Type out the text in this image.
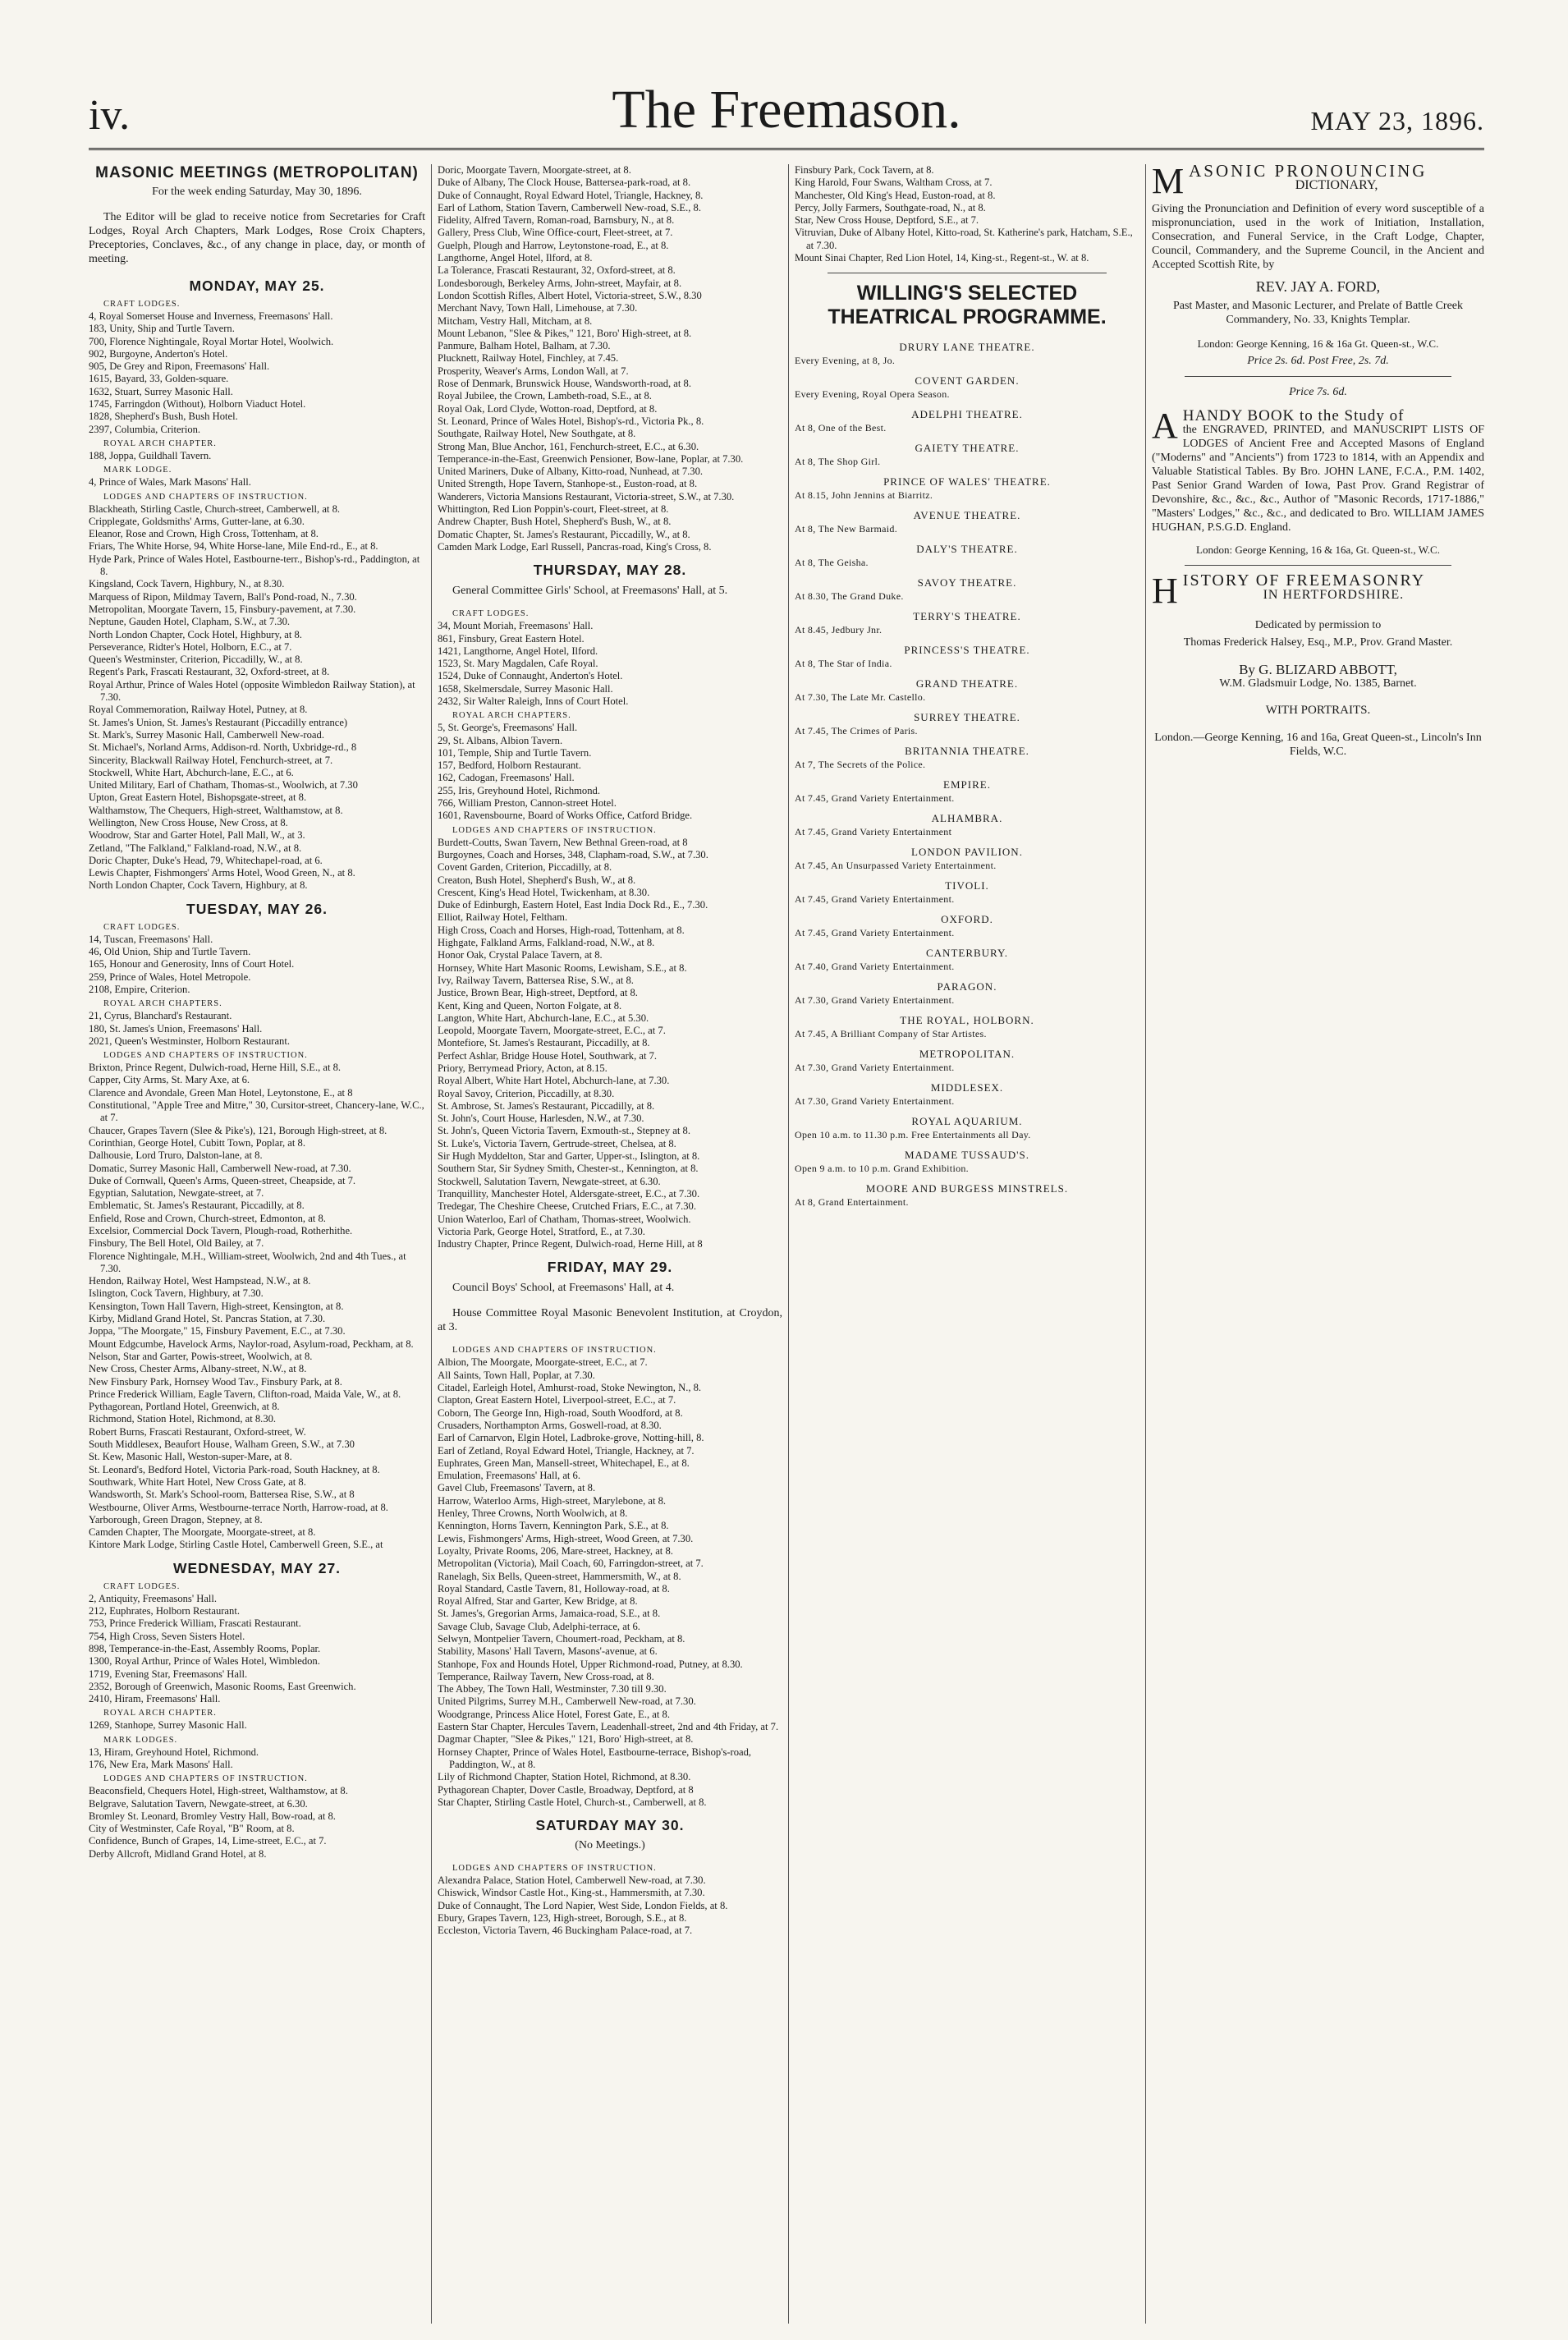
iv.	The Freemason.	MAY 23, 1896.
MASONIC MEETINGS (METROPOLITAN)
For the week ending Saturday, May 30, 1896.
The Editor will be glad to receive notice from Secretaries for Craft Lodges, Royal Arch Chapters, Mark Lodges, Rose Croix Chapters, Preceptories, Conclaves, &c., of any change in place, day, or month of meeting.
MONDAY, MAY 25.
CRAFT LODGES.

4, Royal Somerset House and Inverness, Freemasons' Hall.

183, Unity, Ship and Turtle Tavern.

700, Florence Nightingale, Royal Mortar Hotel, Woolwich.

902, Burgoyne, Anderton's Hotel.

905, De Grey and Ripon, Freemasons' Hall.

1615, Bayard, 33, Golden-square.

1632, Stuart, Surrey Masonic Hall.

1745, Farringdon (Without), Holborn Viaduct Hotel.

1828, Shepherd's Bush, Bush Hotel.

2397, Columbia, Criterion.

ROYAL ARCH CHAPTER.

188, Joppa, Guildhall Tavern.

MARK LODGE.

4, Prince of Wales, Mark Masons' Hall.

LODGES AND CHAPTERS OF INSTRUCTION.

Blackheath, Stirling Castle, Church-street, Camberwell, at 8.

Cripplegate, Goldsmiths' Arms, Gutter-lane, at 6.30.

Eleanor, Rose and Crown, High Cross, Tottenham, at 8.

Friars, The White Horse, 94, White Horse-lane, Mile End-rd., E., at 8.

Hyde Park, Prince of Wales Hotel, Eastbourne-terr., Bishop's-rd., Paddington, at 8.

Kingsland, Cock Tavern, Highbury, N., at 8.30.

Marquess of Ripon, Mildmay Tavern, Ball's Pond-road, N., 7.30.

Metropolitan, Moorgate Tavern, 15, Finsbury-pavement, at 7.30.

Neptune, Gauden Hotel, Clapham, S.W., at 7.30.

North London Chapter, Cock Hotel, Highbury, at 8.

Perseverance, Ridter's Hotel, Holborn, E.C., at 7.

Queen's Westminster, Criterion, Piccadilly, W., at 8.

Regent's Park, Frascati Restaurant, 32, Oxford-street, at 8.

Royal Arthur, Prince of Wales Hotel (opposite Wimbledon Railway Station), at 7.30.

Royal Commemoration, Railway Hotel, Putney, at 8.

St. James's Union, St. James's Restaurant (Piccadilly entrance)

St. Mark's, Surrey Masonic Hall, Camberwell New-road.

St. Michael's, Norland Arms, Addison-rd. North, Uxbridge-rd., 8

Sincerity, Blackwall Railway Hotel, Fenchurch-street, at 7.

Stockwell, White Hart, Abchurch-lane, E.C., at 6.

United Military, Earl of Chatham, Thomas-st., Woolwich, at 7.30

Upton, Great Eastern Hotel, Bishopsgate-street, at 8.

Walthamstow, The Chequers, High-street, Walthamstow, at 8.

Wellington, New Cross House, New Cross, at 8.

Woodrow, Star and Garter Hotel, Pall Mall, W., at 3.

Zetland, "The Falkland," Falkland-road, N.W., at 8.

Doric Chapter, Duke's Head, 79, Whitechapel-road, at 6.

Lewis Chapter, Fishmongers' Arms Hotel, Wood Green, N., at 8.

North London Chapter, Cock Tavern, Highbury, at 8.

TUESDAY, MAY 26.
CRAFT LODGES.

14, Tuscan, Freemasons' Hall.

46, Old Union, Ship and Turtle Tavern.

165, Honour and Generosity, Inns of Court Hotel.

259, Prince of Wales, Hotel Metropole.

2108, Empire, Criterion.

ROYAL ARCH CHAPTERS.

21, Cyrus, Blanchard's Restaurant.

180, St. James's Union, Freemasons' Hall.

2021, Queen's Westminster, Holborn Restaurant.

LODGES AND CHAPTERS OF INSTRUCTION.

Brixton, Prince Regent, Dulwich-road, Herne Hill, S.E., at 8.

Capper, City Arms, St. Mary Axe, at 6.

Clarence and Avondale, Green Man Hotel, Leytonstone, E., at 8

Constitutional, "Apple Tree and Mitre," 30, Cursitor-street, Chancery-lane, W.C., at 7.

Chaucer, Grapes Tavern (Slee & Pike's), 121, Borough High-street, at 8.

Corinthian, George Hotel, Cubitt Town, Poplar, at 8.

Dalhousie, Lord Truro, Dalston-lane, at 8.

Domatic, Surrey Masonic Hall, Camberwell New-road, at 7.30.

Duke of Cornwall, Queen's Arms, Queen-street, Cheapside, at 7.

Egyptian, Salutation, Newgate-street, at 7.

Emblematic, St. James's Restaurant, Piccadilly, at 8.

Enfield, Rose and Crown, Church-street, Edmonton, at 8.

Excelsior, Commercial Dock Tavern, Plough-road, Rotherhithe.

Finsbury, The Bell Hotel, Old Bailey, at 7.

Florence Nightingale, M.H., William-street, Woolwich, 2nd and 4th Tues., at 7.30.

Hendon, Railway Hotel, West Hampstead, N.W., at 8.

Islington, Cock Tavern, Highbury, at 7.30.

Kensington, Town Hall Tavern, High-street, Kensington, at 8.

Kirby, Midland Grand Hotel, St. Pancras Station, at 7.30.

Joppa, "The Moorgate," 15, Finsbury Pavement, E.C., at 7.30.

Mount Edgcumbe, Havelock Arms, Naylor-road, Asylum-road, Peckham, at 8.

Nelson, Star and Garter, Powis-street, Woolwich, at 8.

New Cross, Chester Arms, Albany-street, N.W., at 8.

New Finsbury Park, Hornsey Wood Tav., Finsbury Park, at 8.

Prince Frederick William, Eagle Tavern, Clifton-road, Maida Vale, W., at 8.

Pythagorean, Portland Hotel, Greenwich, at 8.

Richmond, Station Hotel, Richmond, at 8.30.

Robert Burns, Frascati Restaurant, Oxford-street, W.

South Middlesex, Beaufort House, Walham Green, S.W., at 7.30

St. Kew, Masonic Hall, Weston-super-Mare, at 8.

St. Leonard's, Bedford Hotel, Victoria Park-road, South Hackney, at 8.

Southwark, White Hart Hotel, New Cross Gate, at 8.

Wandsworth, St. Mark's School-room, Battersea Rise, S.W., at 8

Westbourne, Oliver Arms, Westbourne-terrace North, Harrow-road, at 8.

Yarborough, Green Dragon, Stepney, at 8.

Camden Chapter, The Moorgate, Moorgate-street, at 8.

Kintore Mark Lodge, Stirling Castle Hotel, Camberwell Green, S.E., at

WEDNESDAY, MAY 27.
CRAFT LODGES.

2, Antiquity, Freemasons' Hall.

212, Euphrates, Holborn Restaurant.

753, Prince Frederick William, Frascati Restaurant.

754, High Cross, Seven Sisters Hotel.

898, Temperance-in-the-East, Assembly Rooms, Poplar.

1300, Royal Arthur, Prince of Wales Hotel, Wimbledon.

1719, Evening Star, Freemasons' Hall.

2352, Borough of Greenwich, Masonic Rooms, East Greenwich.

2410, Hiram, Freemasons' Hall.

ROYAL ARCH CHAPTER.

1269, Stanhope, Surrey Masonic Hall.

MARK LODGES.

13, Hiram, Greyhound Hotel, Richmond.

176, New Era, Mark Masons' Hall.

LODGES AND CHAPTERS OF INSTRUCTION.

Beaconsfield, Chequers Hotel, High-street, Walthamstow, at 8.

Belgrave, Salutation Tavern, Newgate-street, at 6.30.

Bromley St. Leonard, Bromley Vestry Hall, Bow-road, at 8.

City of Westminster, Cafe Royal, "B" Room, at 8.

Confidence, Bunch of Grapes, 14, Lime-street, E.C., at 7.

Derby Allcroft, Midland Grand Hotel, at 8.

Doric, Moorgate Tavern, Moorgate-street, at 8.

Duke of Albany, The Clock House, Battersea-park-road, at 8.

Duke of Connaught, Royal Edward Hotel, Triangle, Hackney, 8.

Earl of Lathom, Station Tavern, Camberwell New-road, S.E., 8.

Fidelity, Alfred Tavern, Roman-road, Barnsbury, N., at 8.

Gallery, Press Club, Wine Office-court, Fleet-street, at 7.

Guelph, Plough and Harrow, Leytonstone-road, E., at 8.

Langthorne, Angel Hotel, Ilford, at 8.

La Tolerance, Frascati Restaurant, 32, Oxford-street, at 8.

Londesborough, Berkeley Arms, John-street, Mayfair, at 8.

London Scottish Rifles, Albert Hotel, Victoria-street, S.W., 8.30

Merchant Navy, Town Hall, Limehouse, at 7.30.

Mitcham, Vestry Hall, Mitcham, at 8.

Mount Lebanon, "Slee & Pikes," 121, Boro' High-street, at 8.

Panmure, Balham Hotel, Balham, at 7.30.

Plucknett, Railway Hotel, Finchley, at 7.45.

Prosperity, Weaver's Arms, London Wall, at 7.

Rose of Denmark, Brunswick House, Wandsworth-road, at 8.

Royal Jubilee, the Crown, Lambeth-road, S.E., at 8.

Royal Oak, Lord Clyde, Wotton-road, Deptford, at 8.

St. Leonard, Prince of Wales Hotel, Bishop's-rd., Victoria Pk., 8.

Southgate, Railway Hotel, New Southgate, at 8.

Strong Man, Blue Anchor, 161, Fenchurch-street, E.C., at 6.30.

Temperance-in-the-East, Greenwich Pensioner, Bow-lane, Poplar, at 7.30.

United Mariners, Duke of Albany, Kitto-road, Nunhead, at 7.30.

United Strength, Hope Tavern, Stanhope-st., Euston-road, at 8.

Wanderers, Victoria Mansions Restaurant, Victoria-street, S.W., at 7.30.

Whittington, Red Lion Poppin's-court, Fleet-street, at 8.

Andrew Chapter, Bush Hotel, Shepherd's Bush, W., at 8.

Domatic Chapter, St. James's Restaurant, Piccadilly, W., at 8.

Camden Mark Lodge, Earl Russell, Pancras-road, King's Cross, 8.

THURSDAY, MAY 28.
General Committee Girls' School, at Freemasons' Hall, at 5.
CRAFT LODGES.

34, Mount Moriah, Freemasons' Hall.

861, Finsbury, Great Eastern Hotel.

1421, Langthorne, Angel Hotel, Ilford.

1523, St. Mary Magdalen, Cafe Royal.

1524, Duke of Connaught, Anderton's Hotel.

1658, Skelmersdale, Surrey Masonic Hall.

2432, Sir Walter Raleigh, Inns of Court Hotel.

ROYAL ARCH CHAPTERS.

5, St. George's, Freemasons' Hall.

29, St. Albans, Albion Tavern.

101, Temple, Ship and Turtle Tavern.

157, Bedford, Holborn Restaurant.

162, Cadogan, Freemasons' Hall.

255, Iris, Greyhound Hotel, Richmond.

766, William Preston, Cannon-street Hotel.

1601, Ravensbourne, Board of Works Office, Catford Bridge.

LODGES AND CHAPTERS OF INSTRUCTION.

Burdett-Coutts, Swan Tavern, New Bethnal Green-road, at 8

Burgoynes, Coach and Horses, 348, Clapham-road, S.W., at 7.30.

Covent Garden, Criterion, Piccadilly, at 8.

Creaton, Bush Hotel, Shepherd's Bush, W., at 8.

Crescent, King's Head Hotel, Twickenham, at 8.30.

Duke of Edinburgh, Eastern Hotel, East India Dock Rd., E., 7.30.

Elliot, Railway Hotel, Feltham.

High Cross, Coach and Horses, High-road, Tottenham, at 8.

Highgate, Falkland Arms, Falkland-road, N.W., at 8.

Honor Oak, Crystal Palace Tavern, at 8.

Hornsey, White Hart Masonic Rooms, Lewisham, S.E., at 8.

Ivy, Railway Tavern, Battersea Rise, S.W., at 8.

Justice, Brown Bear, High-street, Deptford, at 8.

Kent, King and Queen, Norton Folgate, at 8.

Langton, White Hart, Abchurch-lane, E.C., at 5.30.

Leopold, Moorgate Tavern, Moorgate-street, E.C., at 7.

Montefiore, St. James's Restaurant, Piccadilly, at 8.

Perfect Ashlar, Bridge House Hotel, Southwark, at 7.

Priory, Berrymead Priory, Acton, at 8.15.

Royal Albert, White Hart Hotel, Abchurch-lane, at 7.30.

Royal Savoy, Criterion, Piccadilly, at 8.30.

St. Ambrose, St. James's Restaurant, Piccadilly, at 8.

St. John's, Court House, Harlesden, N.W., at 7.30.

St. John's, Queen Victoria Tavern, Exmouth-st., Stepney at 8.

St. Luke's, Victoria Tavern, Gertrude-street, Chelsea, at 8.

Sir Hugh Myddelton, Star and Garter, Upper-st., Islington, at 8.

Southern Star, Sir Sydney Smith, Chester-st., Kennington, at 8.

Stockwell, Salutation Tavern, Newgate-street, at 6.30.

Tranquillity, Manchester Hotel, Aldersgate-street, E.C., at 7.30.

Tredegar, The Cheshire Cheese, Crutched Friars, E.C., at 7.30.

Union Waterloo, Earl of Chatham, Thomas-street, Woolwich.

Victoria Park, George Hotel, Stratford, E., at 7.30.

Industry Chapter, Prince Regent, Dulwich-road, Herne Hill, at 8

FRIDAY, MAY 29.
Council Boys' School, at Freemasons' Hall, at 4.
House Committee Royal Masonic Benevolent Institution, at Croydon, at 3.
LODGES AND CHAPTERS OF INSTRUCTION.

Albion, The Moorgate, Moorgate-street, E.C., at 7.

All Saints, Town Hall, Poplar, at 7.30.

Citadel, Earleigh Hotel, Amhurst-road, Stoke Newington, N., 8.

Clapton, Great Eastern Hotel, Liverpool-street, E.C., at 7.

Coborn, The George Inn, High-road, South Woodford, at 8.

Crusaders, Northampton Arms, Goswell-road, at 8.30.

Earl of Carnarvon, Elgin Hotel, Ladbroke-grove, Notting-hill, 8.

Earl of Zetland, Royal Edward Hotel, Triangle, Hackney, at 7.

Euphrates, Green Man, Mansell-street, Whitechapel, E., at 8.

Emulation, Freemasons' Hall, at 6.

Gavel Club, Freemasons' Tavern, at 8.

Harrow, Waterloo Arms, High-street, Marylebone, at 8.

Henley, Three Crowns, North Woolwich, at 8.

Kennington, Horns Tavern, Kennington Park, S.E., at 8.

Lewis, Fishmongers' Arms, High-street, Wood Green, at 7.30.

Loyalty, Private Rooms, 206, Mare-street, Hackney, at 8.

Metropolitan (Victoria), Mail Coach, 60, Farringdon-street, at 7.

Ranelagh, Six Bells, Queen-street, Hammersmith, W., at 8.

Royal Standard, Castle Tavern, 81, Holloway-road, at 8.

Royal Alfred, Star and Garter, Kew Bridge, at 8.

St. James's, Gregorian Arms, Jamaica-road, S.E., at 8.

Savage Club, Savage Club, Adelphi-terrace, at 6.

Selwyn, Montpelier Tavern, Choumert-road, Peckham, at 8.

Stability, Masons' Hall Tavern, Masons'-avenue, at 6.

Stanhope, Fox and Hounds Hotel, Upper Richmond-road, Putney, at 8.30.

Temperance, Railway Tavern, New Cross-road, at 8.

The Abbey, The Town Hall, Westminster, 7.30 till 9.30.

United Pilgrims, Surrey M.H., Camberwell New-road, at 7.30.

Woodgrange, Princess Alice Hotel, Forest Gate, E., at 8.

Eastern Star Chapter, Hercules Tavern, Leadenhall-street, 2nd and 4th Friday, at 7.

Dagmar Chapter, "Slee & Pikes," 121, Boro' High-street, at 8.

Hornsey Chapter, Prince of Wales Hotel, Eastbourne-terrace, Bishop's-road, Paddington, W., at 8.

Lily of Richmond Chapter, Station Hotel, Richmond, at 8.30.

Pythagorean Chapter, Dover Castle, Broadway, Deptford, at 8

Star Chapter, Stirling Castle Hotel, Church-st., Camberwell, at 8.

SATURDAY MAY 30.
(No Meetings.)
LODGES AND CHAPTERS OF INSTRUCTION.

Alexandra Palace, Station Hotel, Camberwell New-road, at 7.30.

Chiswick, Windsor Castle Hot., King-st., Hammersmith, at 7.30.

Duke of Connaught, The Lord Napier, West Side, London Fields, at 8.

Ebury, Grapes Tavern, 123, High-street, Borough, S.E., at 8.

Eccleston, Victoria Tavern, 46 Buckingham Palace-road, at 7.

Finsbury Park, Cock Tavern, at 8.

King Harold, Four Swans, Waltham Cross, at 7.

Manchester, Old King's Head, Euston-road, at 8.

Percy, Jolly Farmers, Southgate-road, N., at 8.

Star, New Cross House, Deptford, S.E., at 7.

Vitruvian, Duke of Albany Hotel, Kitto-road, St. Katherine's park, Hatcham, S.E., at 7.30.

Mount Sinai Chapter, Red Lion Hotel, 14, King-st., Regent-st., W. at 8.

WILLING'S SELECTED THEATRICAL PROGRAMME.
DRURY LANE THEATRE.
Every Evening, at 8, Jo.
COVENT GARDEN.
Every Evening, Royal Opera Season.
ADELPHI THEATRE.
At 8, One of the Best.
GAIETY THEATRE.
At 8, The Shop Girl.
PRINCE OF WALES' THEATRE.
At 8.15, John Jennins at Biarritz.
AVENUE THEATRE.
At 8, The New Barmaid.
DALY'S THEATRE.
At 8, The Geisha.
SAVOY THEATRE.
At 8.30, The Grand Duke.
TERRY'S THEATRE.
At 8.45, Jedbury Jnr.
PRINCESS'S THEATRE.
At 8, The Star of India.
GRAND THEATRE.
At 7.30, The Late Mr. Castello.
SURREY THEATRE.
At 7.45, The Crimes of Paris.
BRITANNIA THEATRE.
At 7, The Secrets of the Police.
EMPIRE.
At 7.45, Grand Variety Entertainment.
ALHAMBRA.
At 7.45, Grand Variety Entertainment
LONDON PAVILION.
At 7.45, An Unsurpassed Variety Entertainment.
TIVOLI.
At 7.45, Grand Variety Entertainment.
OXFORD.
At 7.45, Grand Variety Entertainment.
CANTERBURY.
At 7.40, Grand Variety Entertainment.
PARAGON.
At 7.30, Grand Variety Entertainment.
THE ROYAL, HOLBORN.
At 7.45, A Brilliant Company of Star Artistes.
METROPOLITAN.
At 7.30, Grand Variety Entertainment.
MIDDLESEX.
At 7.30, Grand Variety Entertainment.
ROYAL AQUARIUM.
Open 10 a.m. to 11.30 p.m. Free Entertainments all Day.
MADAME TUSSAUD'S.
Open 9 a.m. to 10 p.m. Grand Exhibition.
MOORE AND BURGESS MINSTRELS.
At 8, Grand Entertainment.
M ASONIC PRONOUNCING
DICTIONARY,
Giving the Pronunciation and Definition of every word susceptible of a mispronunciation, used in the work of Initiation, Installation, Consecration, and Funeral Service, in the Craft Lodge, Chapter, Council, Commandery, and the Supreme Council, in the Ancient and Accepted Scottish Rite, by
REV. JAY A. FORD,
Past Master, and Masonic Lecturer, and Prelate of Battle Creek Commandery, No. 33, Knights Templar.
London: George Kenning, 16 & 16a Gt. Queen-st., W.C.
Price 2s. 6d. Post Free, 2s. 7d.
Price 7s. 6d.
A HANDY BOOK to the Study of
the ENGRAVED, PRINTED, and MANUSCRIPT LISTS OF LODGES of Ancient Free and Accepted Masons of England ("Moderns" and "Ancients") from 1723 to 1814, with an Appendix and Valuable Statistical Tables. By Bro. JOHN LANE, F.C.A., P.M. 1402, Past Senior Grand Warden of Iowa, Past Prov. Grand Registrar of Devonshire, &c., &c., &c., Author of "Masonic Records, 1717-1886," "Masters' Lodges," &c., &c., and dedicated to Bro. WILLIAM JAMES HUGHAN, P.S.G.D. England.
London: George Kenning, 16 & 16a, Gt. Queen-st., W.C.
H ISTORY OF FREEMASONRY
IN HERTFORDSHIRE.
Dedicated by permission to
Thomas Frederick Halsey, Esq., M.P., Prov. Grand Master.
By G. BLIZARD ABBOTT,
W.M. Gladsmuir Lodge, No. 1385, Barnet.
WITH PORTRAITS.
London.—George Kenning, 16 and 16a, Great Queen-st., Lincoln's Inn Fields, W.C.
